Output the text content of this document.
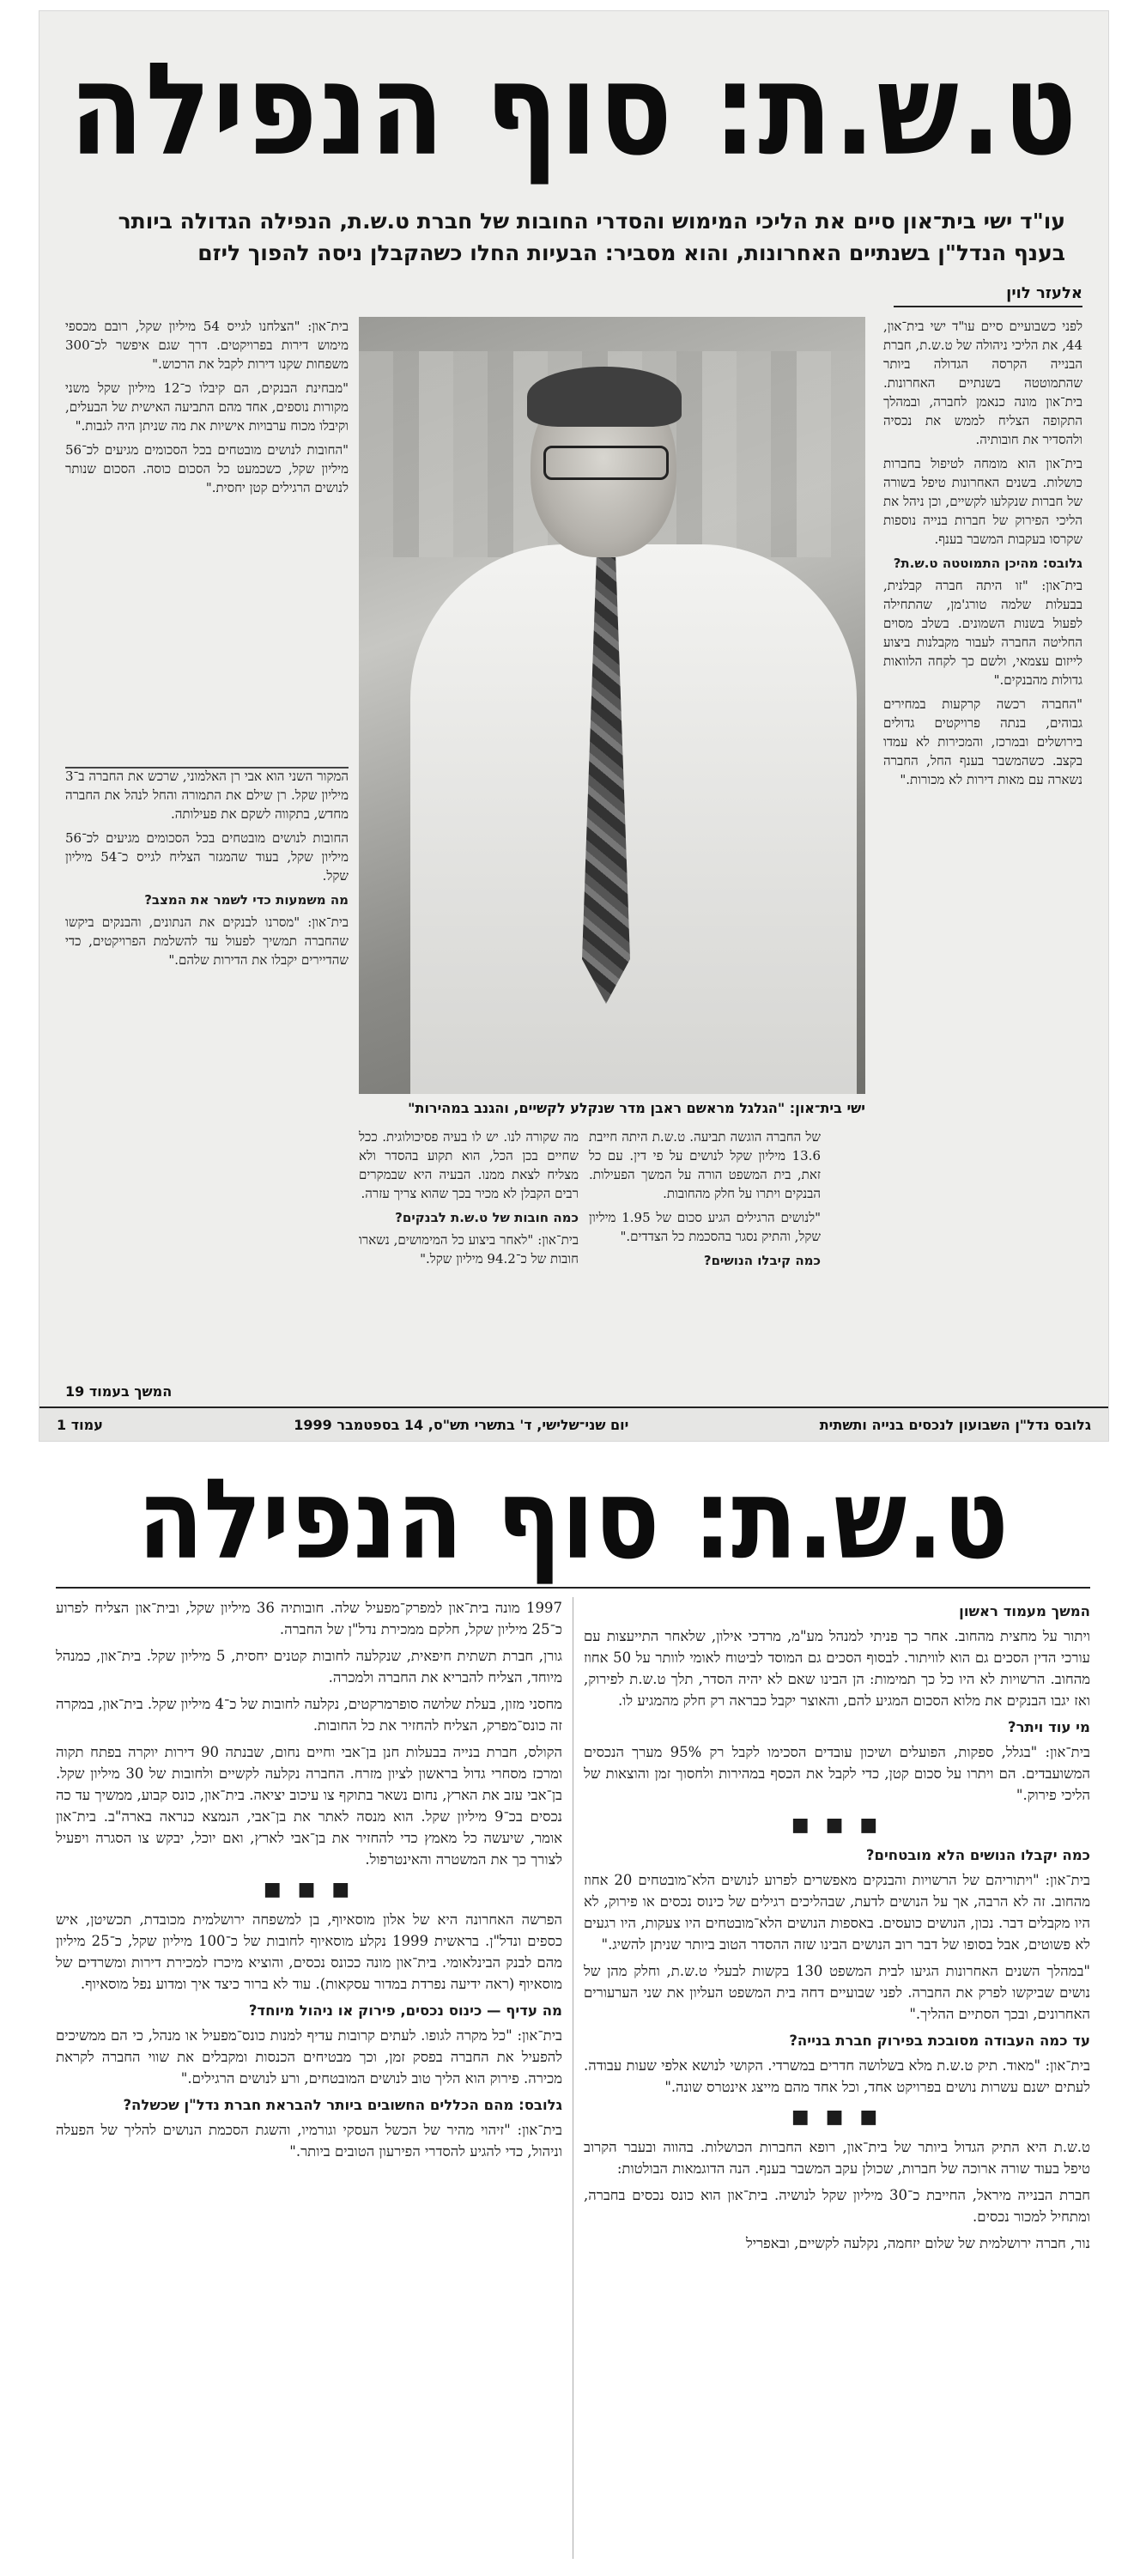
ט.ש.ת: סוף הנפילה
עו"ד ישי בית־און סיים את הליכי המימוש והסדרי החובות של חברת ט.ש.ת, הנפילה הגדולה ביותר בענף הנדל"ן בשנתיים האחרונות, והוא מסביר: הבעיות החלו כשהקבלן ניסה להפוך ליזם
אלעזר לוין

לפני כשבועיים סיים עו"ד ישי בית־און, 44, את הליכי ניהולה של ט.ש.ת, חברת הבנייה הקרסה הגדולה ביותר שהתמוטטה בשנתיים האחרונות. בית־און מונה כנאמן לחברה, ובמהלך התקופה הצליח לממש את נכסיה ולהסדיר את חובותיה.

בית־און הוא מומחה לטיפול בחברות כושלות. בשנים האחרונות טיפל בשורה של חברות שנקלעו לקשיים, וכן ניהל את הליכי הפירוק של חברות בנייה נוספות שקרסו בעקבות המשבר בענף.

גלובס: מהיכן התמוטטה ט.ש.ת?

בית־און: "זו היתה חברה קבלנית, בבעלות שלמה טורג'מן, שהתחילה לפעול בשנות השמונים. בשלב מסוים החליטה החברה לעבור מקבלנות ביצוע לייזום עצמאי, ולשם כך לקחה הלוואות גדולות מהבנקים."

"החברה רכשה קרקעות במחירים גבוהים, בנתה פרויקטים גדולים בירושלים ובמרכז, והמכירות לא עמדו בקצב. כשהמשבר בענף החל, החברה נשארה עם מאות דירות לא מכורות."

ישי בית־און: "הגלגל מראשם ראבן מדר שנקלע לקשיים, והגנב במהירות"

בית־און: "הצלחנו לגייס 54 מיליון שקל, רובם מכספי מימוש דירות בפרויקטים. דרך שגם איפשר לכ־300 משפחות שקנו דירות לקבל את הרכוש."

"מבחינת הבנקים, הם קיבלו כ־12 מיליון שקל משני מקורות נוספים, אחד מהם התביעה האישית של הבעלים, וקיבלו מכוח ערבויות אישיות את מה שניתן היה לגבות."

"החובות לנושים מובטחים בכל הסכומים מגיעים לכ־56 מיליון שקל, כשכמעט כל הסכום כוסה. הסכום שנותר לנושים הרגילים קטן יחסית."

המקור השני הוא אבי רן האלמוני, שרכש את החברה ב־3 מיליון שקל. רן שילם את התמורה והחל לנהל את החברה מחדש, בתקווה לשקם את פעילותה.

החובות לנושים מובטחים בכל הסכומים מגיעים לכ־56 מיליון שקל, בעוד שהמגזר הצליח לגייס כ־54 מיליון שקל.

מה משמעות כדי לשמר את המצב?

בית־און: "מסרנו לבנקים את הנתונים, והבנקים ביקשו שהחברה תמשיך לפעול עד להשלמת הפרויקטים, כדי שהדיירים יקבלו את הדירות שלהם."

מה שקורה לנו. יש לו בעיה פסיכולוגית. ככל שחיים בכן הכל, הוא תקוע בהסדר ולא מצליח לצאת ממנו. הבעיה היא שבמקרים רבים הקבלן לא מכיר בכך שהוא צריך עזרה.

כמה חובות של ט.ש.ת לבנקים?

בית־און: "לאחר ביצוע כל המימושים, נשארו חובות של כ־94.2 מיליון שקל."

של החברה הוגשה תביעה. ט.ש.ת היתה חייבת 13.6 מיליון שקל לנושים על פי דין. עם כל זאת, בית המשפט הורה על המשך הפעילות. הבנקים ויתרו על חלק מהחובות.

"לנושים הרגילים הגיע סכום של 1.95 מיליון שקל, והתיק נסגר בהסכמת כל הצדדים."

כמה קיבלו הנושים?

המשך בעמוד 19
גלובס נדל"ן השבועון לנכסים בנייה ותשתית
יום שני־שלישי, ד' בתשרי תש"ס, 14 בספטמבר 1999
עמוד 1
ט.ש.ת: סוף הנפילה

המשך מעמוד ראשון

ויתור על מחצית מהחוב. אחר כך פניתי למנהל מע"מ, מרדכי אילון, שלאחר התייעצות עם עורכי הדין הסכים גם הוא לוויתור. לבסוף הסכים גם המוסד לביטוח לאומי לוותר על 50 אחוז מהחוב. הרשויות לא היו כל כך תמימות: הן הבינו שאם לא יהיה הסדר, תלך ט.ש.ת לפירוק, ואז יגבו הבנקים את מלוא הסכום המגיע להם, והאוצר יקבל כבראה רק חלק מהמגיע לו.

מי עוד ויתר?

בית־און: "בגלל, ספקות, הפועלים ושיכון עובדים הסכימו לקבל רק 95% מערך הנכסים המשועבדים. הם ויתרו על סכום קטן, כדי לקבל את הכסף במהירות ולחסוך זמן והוצאות של הליכי פירוק."

■ ■ ■

כמה יקבלו הנושים הלא מובטחים?

בית־און: "ויתוריהם של הרשויות והבנקים מאפשרים לפרוע לנושים הלא־מובטחים 20 אחוז מהחוב. זה לא הרבה, אך על הנושים לדעת, שבהליכים רגילים של כינוס נכסים או פירוק, לא היו מקבלים דבר. נכון, הנושים כועסים. באספות הנושים הלא־מובטחים היו צעקות, היו רגעים לא פשוטים, אבל בסופו של דבר רוב הנושים הבינו שזה ההסדר הטוב ביותר שניתן להשיג."

"במהלך השנים האחרונות הגיעו לבית המשפט 130 בקשות לבעלי ט.ש.ת, וחלק מהן של נושים שביקשו לפרק את החברה. לפני שבועיים דחה בית המשפט העליון את שני הערעורים האחרונים, ובכך הסתיים ההליך."

עד כמה העבודה מסובכת בפירוק חברת בנייה?

בית־און: "מאוד. תיק ט.ש.ת מלא בשלושה חדרים במשרדי. הקושי לנושא אלפי שעות עבודה. לעתים ישנם עשרות נושים בפרויקט אחד, וכל אחד מהם מייצג אינטרס שונה."

■ ■ ■

ט.ש.ת היא התיק הגדול ביותר של בית־און, רופא החברות הכושלות. בהווה ובעבר הקרוב טיפל בעוד שורה ארוכה של חברות, שכולן עקב המשבר בענף. הנה הדוגמאות הבולטות:

חברת הבנייה מיראל, החייבת כ־30 מיליון שקל לנושיה. בית־און הוא כונס נכסים בחברה, ומתחיל למכור נכסים.

נור, חברה ירושלמית של שלום יזחמה, נקלעה לקשיים, ובאפריל

1997 מונה בית־און למפרק־מפעיל שלה. חובותיה 36 מיליון שקל, ובית־און הצליח לפרוע כ־25 מיליון שקל, חלקם ממכירת נדל"ן של החברה.

גורן, חברת תשתית חיפאית, שנקלעה לחובות קטנים יחסית, 5 מיליון שקל. בית־און, כמנהל מיוחד, הצליח להבריא את החברה ולמכרה.

מחסני מזון, בעלת שלושה סופרמרקטים, נקלעה לחובות של כ־4 מיליון שקל. בית־און, במקרה זה כונס־מפרק, הצליח להחזיר את כל החובות.

הקולס, חברת בנייה בבעלות חנן בן־אבי וחיים נחום, שבנתה 90 דירות יוקרה בפתח תקוה ומרכז מסחרי גדול בראשון לציון מזרח. החברה נקלעה לקשיים ולחובות של 30 מיליון שקל. בן־אבי עזב את הארץ, נחום נשאר בתוקף צו עיכוב יציאה. בית־און, כונס קבוע, ממשיך עד כה נכסים בכ־9 מיליון שקל. הוא מנסה לאתר את בן־אבי, הנמצא כנראה בארה"ב. בית־און אומר, שיעשה כל מאמץ כדי להחזיר את בן־אבי לארץ, ואם יוכל, יבקש צו הסגרה ויפעיל לצורך כך את המשטרה והאינטרפול.

■ ■ ■

הפרשה האחרונה היא של אלון מוסאיוף, בן למשפחה ירושלמית מכובדת, תכשיטן, איש כספים ונדל"ן. בראשית 1999 נקלע מוסאיוף לחובות של כ־100 מיליון שקל, כ־25 מיליון מהם לבנק הבינלאומי. בית־און מונה ככונס נכסים, והוציא מיכרז למכירת דירות ומשרדים של מוסאיוף (ראה ידיעה נפרדת במדור עסקאות). עוד לא ברור כיצד איך ומדוע נפל מוסאיוף.

מה עדיף — כינוס נכסים, פירוק או ניהול מיוחד?

בית־און: "כל מקרה לגופו. לעתים קרובות עדיף למנות כונס־מפעיל או מנהל, כי הם ממשיכים להפעיל את החברה בפסק זמן, וכך מבטיחים הכנסות ומקבלים את שווי החברה לקראת מכירה. פירוק הוא הליך טוב לנושים המובטחים, ורע לנושים הרגילים."

גלובס: מהם הכללים החשובים ביותר להבראת חברת נדל"ן שכשלה?

בית־און: "זיהוי מהיר של הכשל העסקי וגורמיו, והשגת הסכמת הנושים להליך של הפעלה וניהול, כדי להגיע להסדרי הפירעון הטובים ביותר."
